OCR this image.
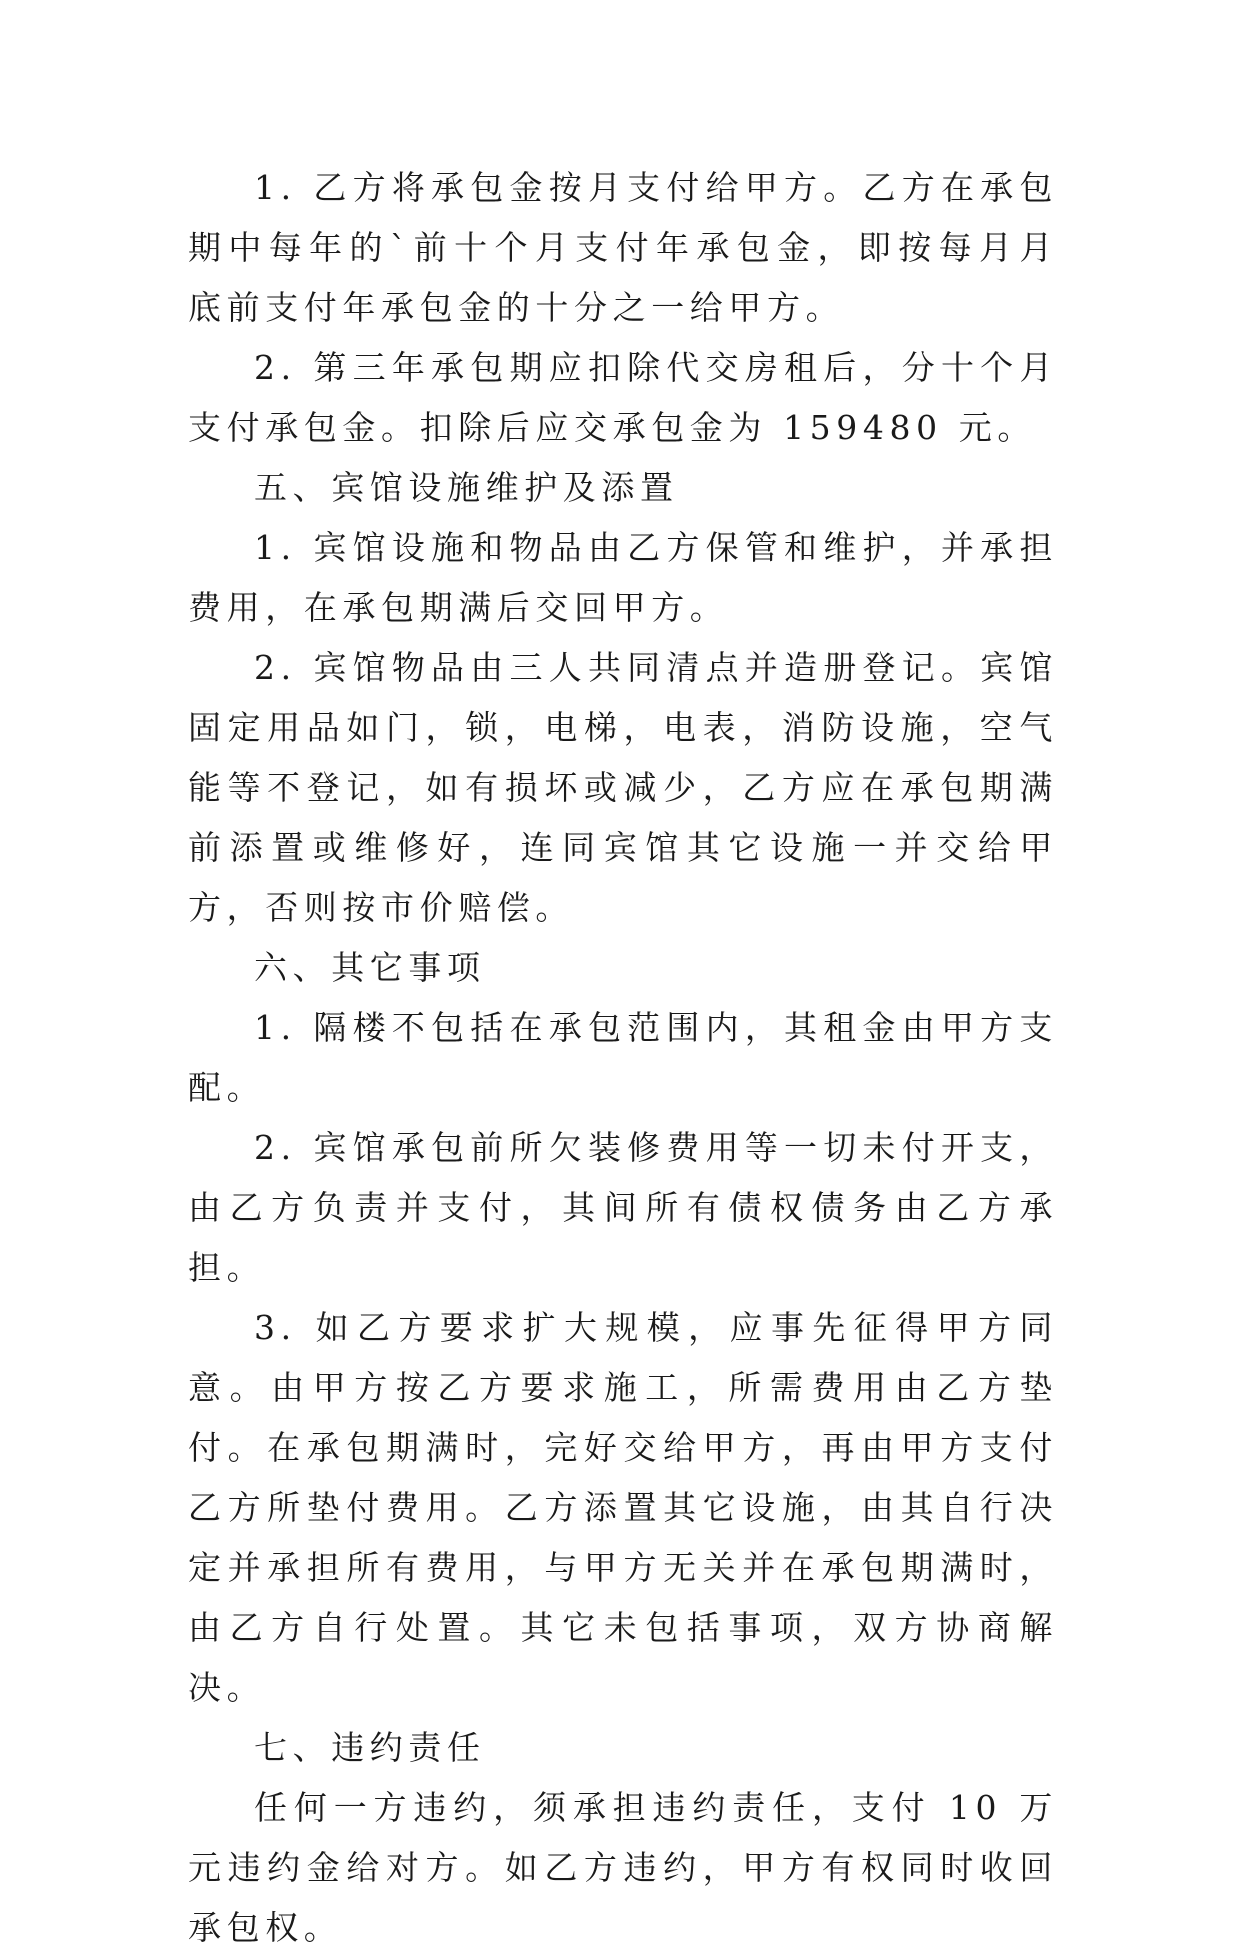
1. 乙方将承包金按月支付给甲方。乙方在承包期中每年的`前十个月支付年承包金，即按每月月底前支付年承包金的十分之一给甲方。

2. 第三年承包期应扣除代交房租后，分十个月支付承包金。扣除后应交承包金为 159480 元。

五、宾馆设施维护及添置

1. 宾馆设施和物品由乙方保管和维护，并承担费用，在承包期满后交回甲方。

2. 宾馆物品由三人共同清点并造册登记。宾馆固定用品如门，锁，电梯，电表，消防设施，空气能等不登记，如有损坏或减少，乙方应在承包期满前添置或维修好，连同宾馆其它设施一并交给甲方，否则按市价赔偿。

六、其它事项

1. 隔楼不包括在承包范围内，其租金由甲方支配。

2. 宾馆承包前所欠装修费用等一切未付开支，由乙方负责并支付，其间所有债权债务由乙方承担。

3. 如乙方要求扩大规模，应事先征得甲方同意。由甲方按乙方要求施工，所需费用由乙方垫付。在承包期满时，完好交给甲方，再由甲方支付乙方所垫付费用。乙方添置其它设施，由其自行决定并承担所有费用，与甲方无关并在承包期满时，由乙方自行处置。其它未包括事项，双方协商解决。

七、违约责任

任何一方违约，须承担违约责任，支付 10 万元违约金给对方。如乙方违约，甲方有权同时收回承包权。
